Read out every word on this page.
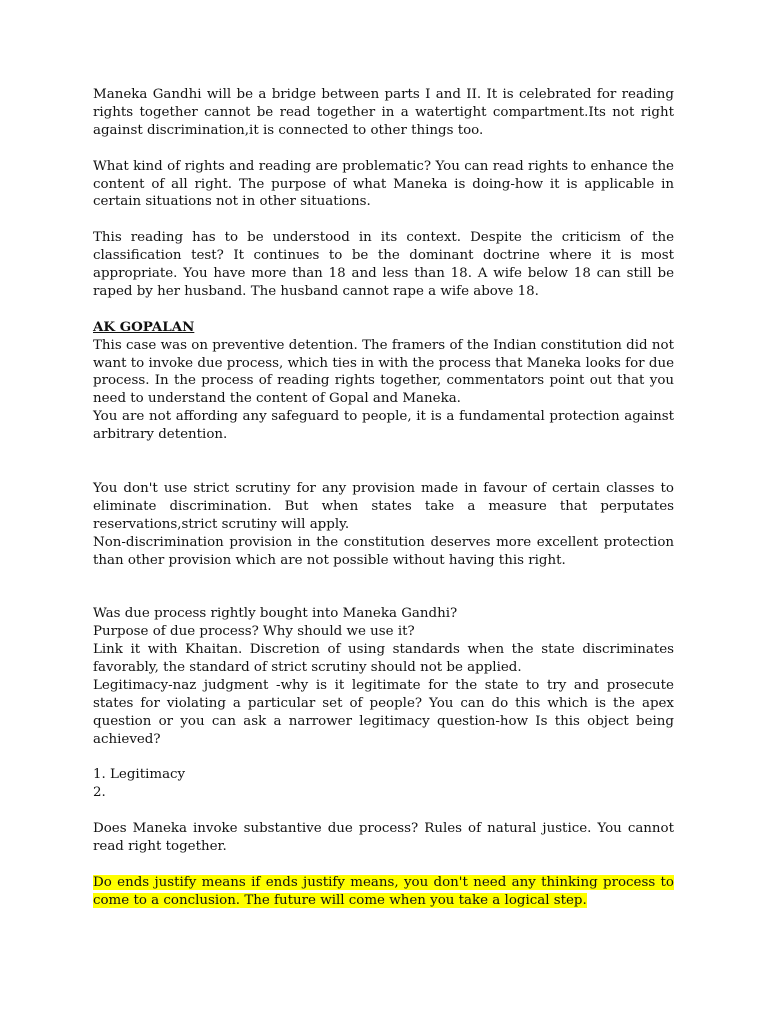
Maneka Gandhi will be a bridge between parts I and II. It is celebrated for reading rights together cannot be read together in a watertight compartment.Its not right against discrimination,it is connected to other things too.

What kind of rights and reading are problematic? You can read rights to enhance the content of all right. The purpose of what Maneka is doing-how it is applicable in certain situations not in other situations.

This reading has to be understood in its context. Despite the criticism of the classification test? It continues to be the dominant doctrine where it is most appropriate. You have more than 18 and less than 18. A wife below 18 can still be raped by her husband. The husband cannot rape a wife above 18.

AK GOPALAN

This case was on preventive detention. The framers of the Indian constitution did not want to invoke due process, which ties in with the process that Maneka looks for due process. In the process of reading rights together, commentators point out that you need to understand the content of Gopal and Maneka.

You are not affording any safeguard to people, it is a fundamental protection against arbitrary detention.

You don't use strict scrutiny for any provision made in favour of certain classes to eliminate discrimination. But when states take a measure that perputates reservations,strict scrutiny will apply.

Non-discrimination provision in the constitution deserves more excellent protection than other provision which are not possible without having this right.

Was due process rightly bought into Maneka Gandhi?

Purpose of due process? Why should we use it?

Link it with Khaitan. Discretion of using standards when the state discriminates favorably, the standard of strict scrutiny should not be applied.

Legitimacy-naz judgment -why is it legitimate for the state to try and prosecute states for violating a particular set of people? You can do this which is the apex question or you can ask a narrower legitimacy question-how Is this object being achieved?

1. Legitimacy

2.

Does Maneka invoke substantive due process? Rules of natural justice. You cannot read right together.

Do ends justify means if ends justify means, you don't need any thinking process to come to a conclusion. The future will come when you take a logical step.
